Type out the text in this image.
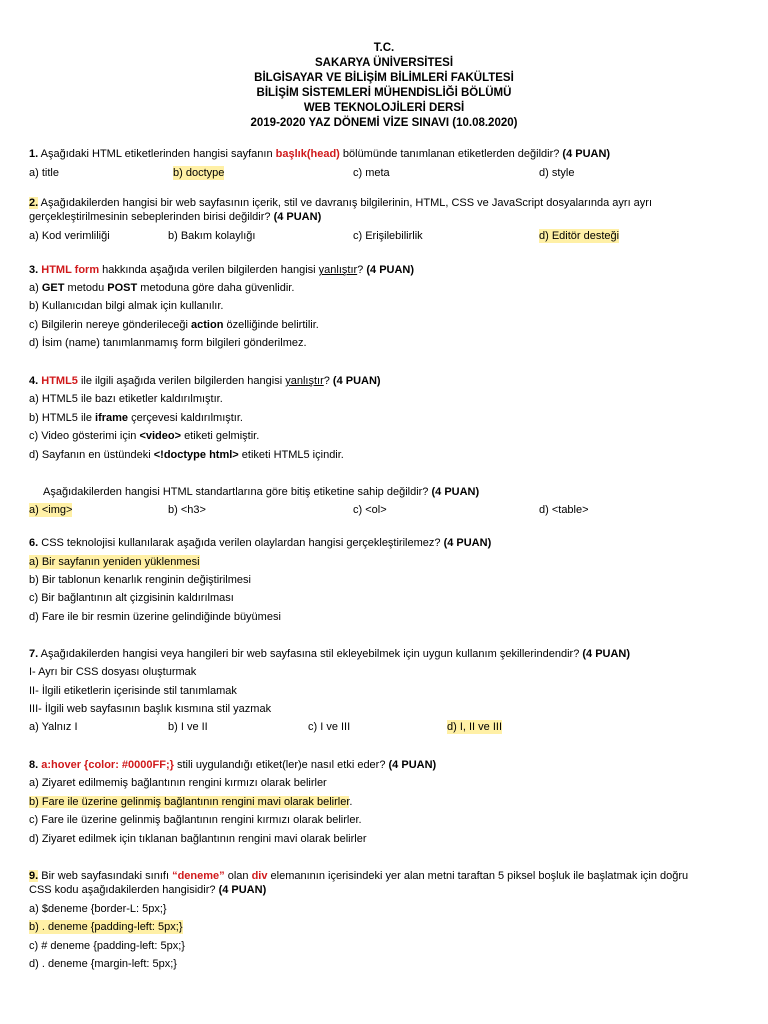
T.C.
SAKARYA ÜNİVERSİTESİ
BİLGİSAYAR VE BİLİŞİM BİLİMLERİ FAKÜLTESİ
BİLİŞİM SİSTEMLERİ MÜHENDİSLİĞİ BÖLÜMÜ
WEB TEKNOLOJİLERİ DERSİ
2019-2020 YAZ DÖNEMİ VİZE SINAVI (10.08.2020)
1. Aşağıdaki HTML etiketlerinden hangisi sayfanın başlık(head) bölümünde tanımlanan etiketlerden değildir? (4 PUAN)
a) title	b) doctype	c) meta	d) style
2. Aşağıdakilerden hangisi bir web sayfasının içerik, stil ve davranış bilgilerinin, HTML, CSS ve JavaScript dosyalarında ayrı ayrı
gerçekleştirilmesinin sebeplerinden birisi değildir? (4 PUAN)
a) Kod verimliliği	b) Bakım kolaylığı	c) Erişilebilirlik	d) Editör desteği
3. HTML form hakkında aşağıda verilen bilgilerden hangisi yanlıştır? (4 PUAN)
a) GET metodu POST metoduna göre daha güvenlidir.
b) Kullanıcıdan bilgi almak için kullanılır.
c) Bilgilerin nereye gönderileceği action özelliğinde belirtilir.
d) İsim (name) tanımlanmamış form bilgileri gönderilmez.
4. HTML5 ile ilgili aşağıda verilen bilgilerden hangisi yanlıştır? (4 PUAN)
a) HTML5 ile bazı etiketler kaldırılmıştır.
b) HTML5 ile iframe çerçevesi kaldırılmıştır.
c) Video gösterimi için <video> etiketi gelmiştir.
d) Sayfanın en üstündeki <!doctype html> etiketi HTML5 içindir.
Aşağıdakilerden hangisi HTML standartlarına göre bitiş etiketine sahip değildir? (4 PUAN)
a) <img>	b) <h3>	c) <ol>	d) <table>
6. CSS teknolojisi kullanılarak aşağıda verilen olaylardan hangisi gerçekleştirilemez? (4 PUAN)
a) Bir sayfanın yeniden yüklenmesi
b) Bir tablonun kenarlık renginin değiştirilmesi
c) Bir bağlantının alt çizgisinin kaldırılması
d) Fare ile bir resmin üzerine gelindiğinde büyümesi
7. Aşağıdakilerden hangisi veya hangileri bir web sayfasına stil ekleyebilmek için uygun kullanım şekillerindendir? (4 PUAN)
I- Ayrı bir CSS dosyası oluşturmak
II- İlgili etiketlerin içerisinde stil tanımlamak
III- İlgili web sayfasının başlık kısmına stil yazmak
a) Yalnız I	b) I ve II	c) I ve III	d) I, II ve III
8. a:hover {color: #0000FF;} stili uygulandığı etiket(ler)e nasıl etki eder? (4 PUAN)
a) Ziyaret edilmemiş bağlantının rengini kırmızı olarak belirler
b) Fare ile üzerine gelinmiş bağlantının rengini mavi olarak belirler.
c) Fare ile üzerine gelinmiş bağlantının rengini kırmızı olarak belirler.
d) Ziyaret edilmek için tıklanan bağlantının rengini mavi olarak belirler
9. Bir web sayfasındaki sınıfı “deneme” olan div elemanının içerisindeki yer alan metni taraftan 5 piksel boşluk ile başlatmak için doğru
CSS kodu aşağıdakilerden hangisidir? (4 PUAN)
a) $deneme {border-L: 5px;}
b) . deneme {padding-left: 5px;}
c) # deneme {padding-left: 5px;}
d) . deneme {margin-left: 5px;}
